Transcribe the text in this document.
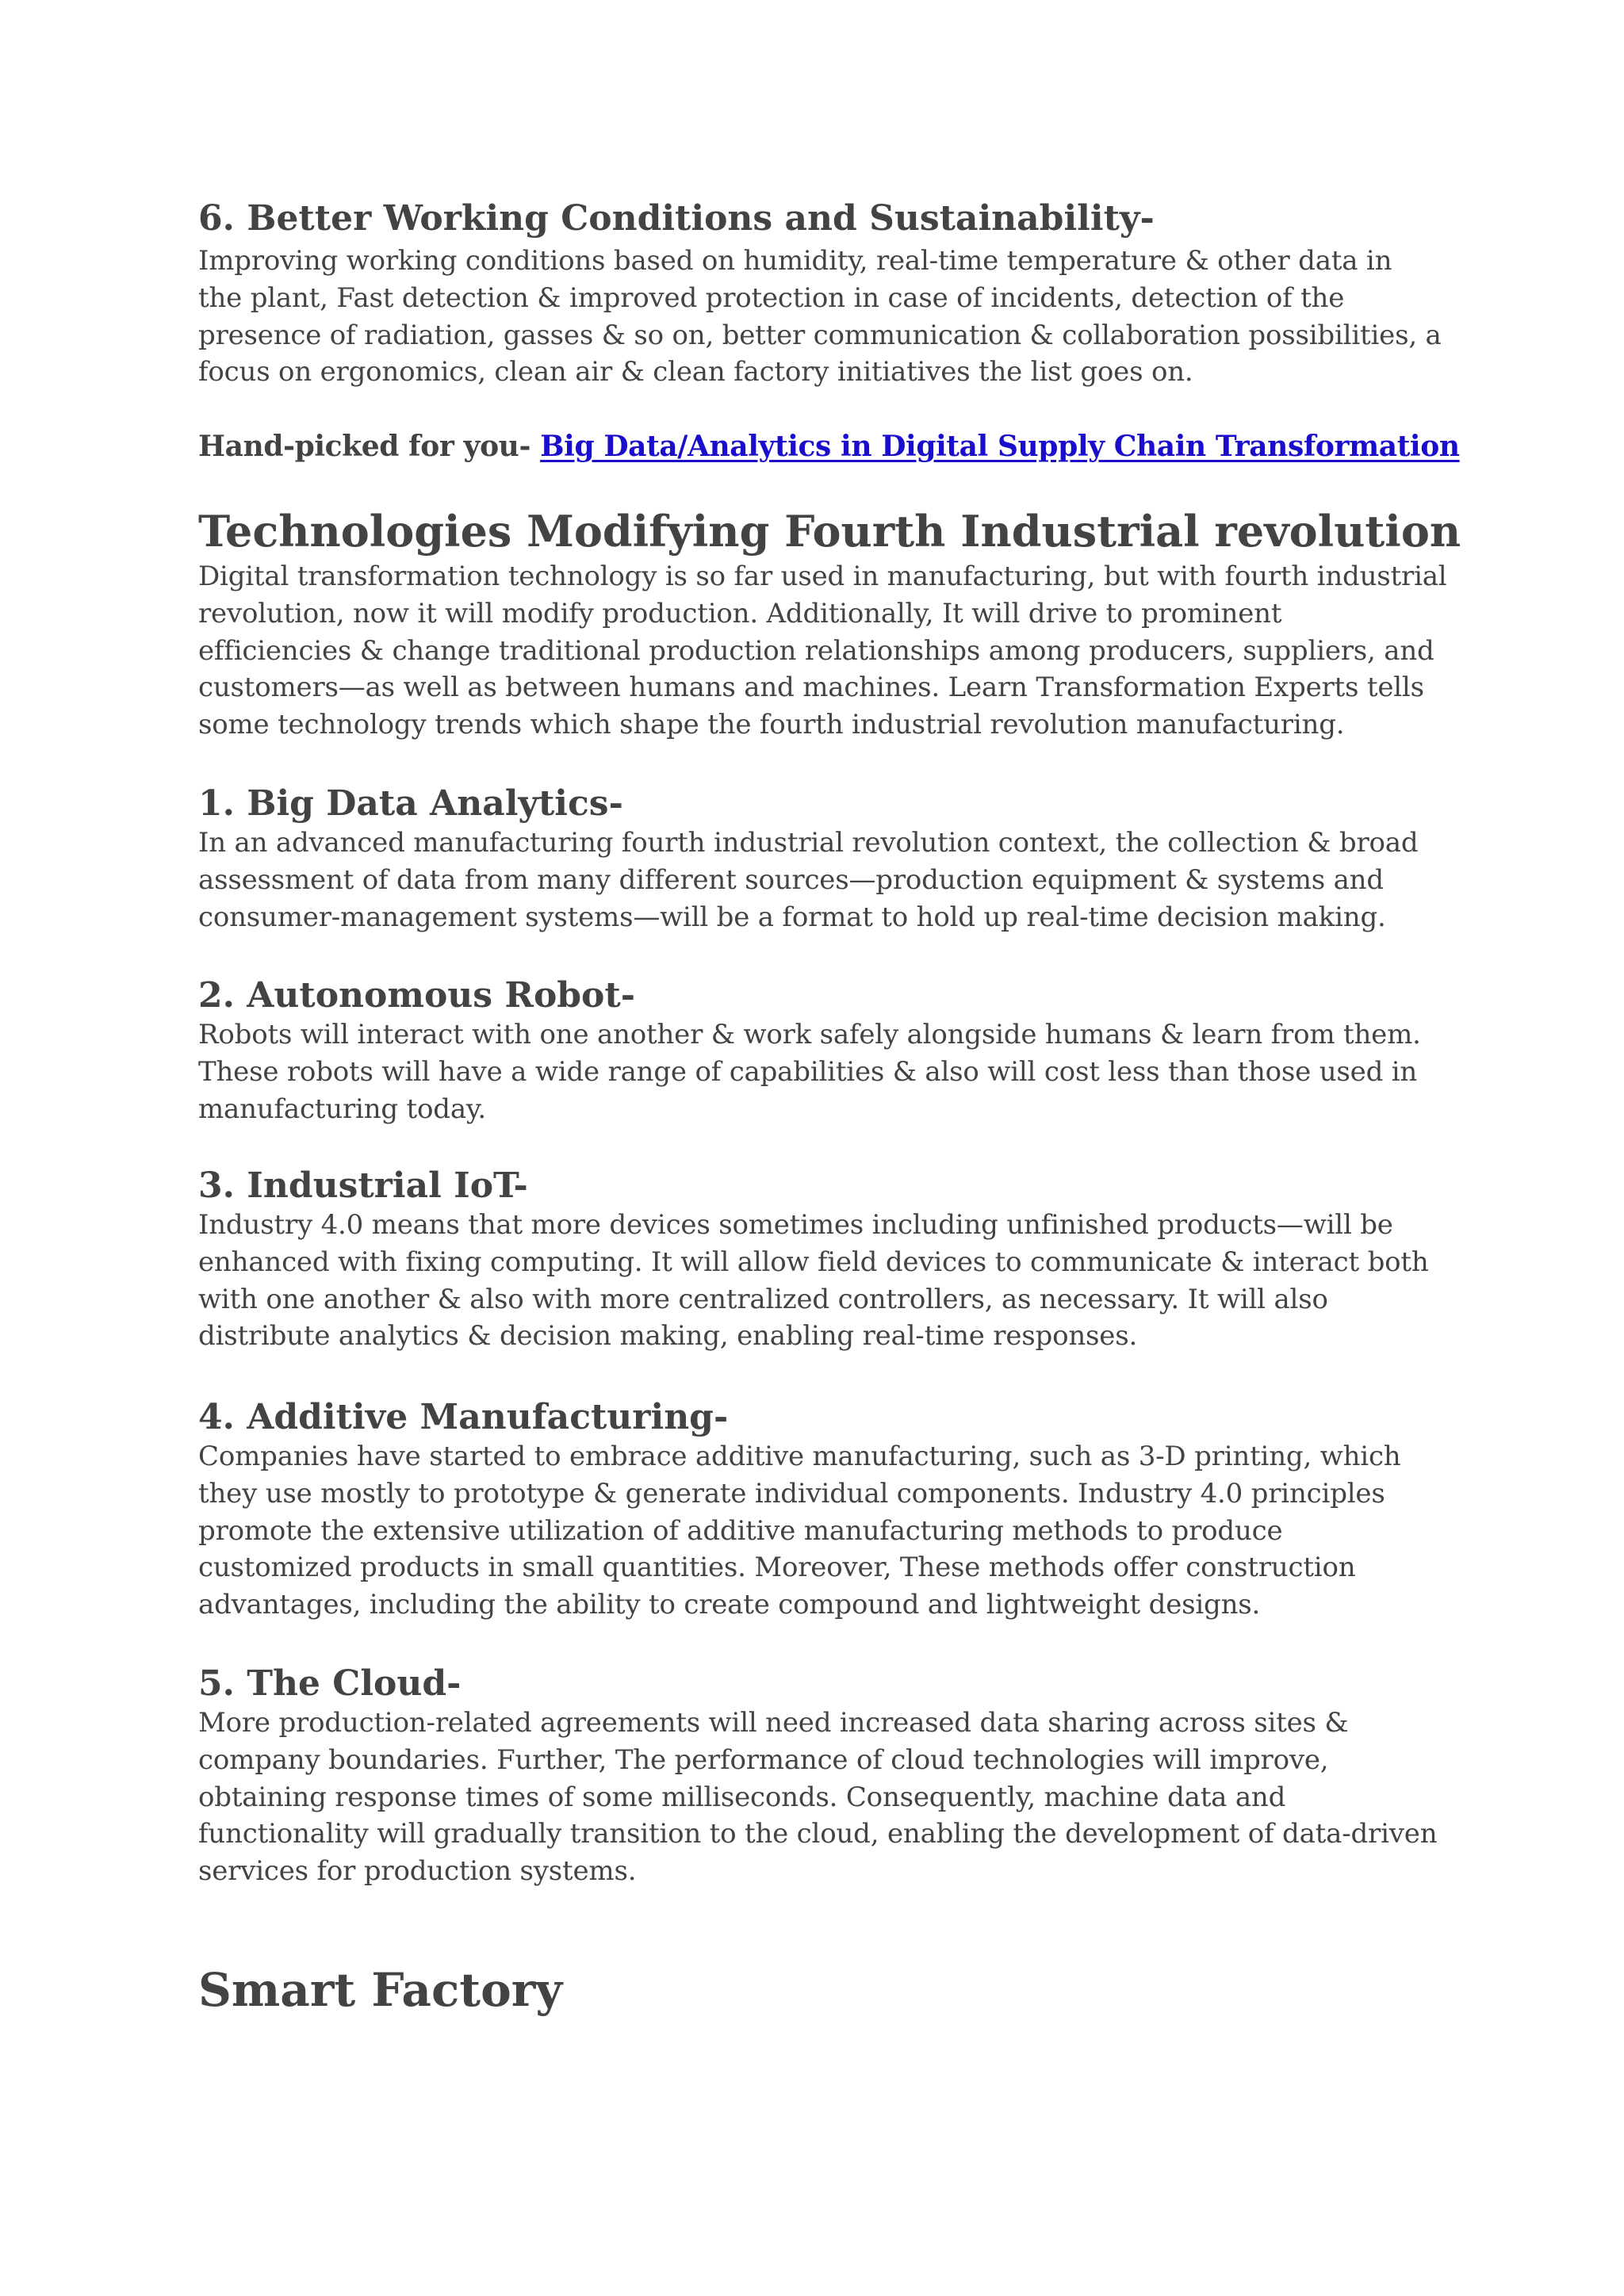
6. Better Working Conditions and Sustainability-
Improving working conditions based on humidity, real-time temperature & other data in
the plant, Fast detection & improved protection in case of incidents, detection of the
presence of radiation, gasses & so on, better communication & collaboration possibilities, a
focus on ergonomics, clean air & clean factory initiatives the list goes on.
Hand-picked for you- Big Data/Analytics in Digital Supply Chain Transformation
Technologies Modifying Fourth Industrial revolution
Digital transformation technology is so far used in manufacturing, but with fourth industrial
revolution, now it will modify production. Additionally, It will drive to prominent
efficiencies & change traditional production relationships among producers, suppliers, and
customers—as well as between humans and machines. Learn Transformation Experts tells
some technology trends which shape the fourth industrial revolution manufacturing.
1. Big Data Analytics-
In an advanced manufacturing fourth industrial revolution context, the collection & broad
assessment of data from many different sources—production equipment & systems and
consumer-management systems—will be a format to hold up real-time decision making.
2. Autonomous Robot-
Robots will interact with one another & work safely alongside humans & learn from them.
These robots will have a wide range of capabilities & also will cost less than those used in
manufacturing today.
3. Industrial IoT-
Industry 4.0 means that more devices sometimes including unfinished products—will be
enhanced with fixing computing. It will allow field devices to communicate & interact both
with one another & also with more centralized controllers, as necessary. It will also
distribute analytics & decision making, enabling real-time responses.
4. Additive Manufacturing-
Companies have started to embrace additive manufacturing, such as 3-D printing, which
they use mostly to prototype & generate individual components. Industry 4.0 principles
promote the extensive utilization of additive manufacturing methods to produce
customized products in small quantities. Moreover, These methods offer construction
advantages, including the ability to create compound and lightweight designs.
5. The Cloud-
More production-related agreements will need increased data sharing across sites &
company boundaries. Further, The performance of cloud technologies will improve,
obtaining response times of some milliseconds. Consequently, machine data and
functionality will gradually transition to the cloud, enabling the development of data-driven
services for production systems.
Smart Factory
